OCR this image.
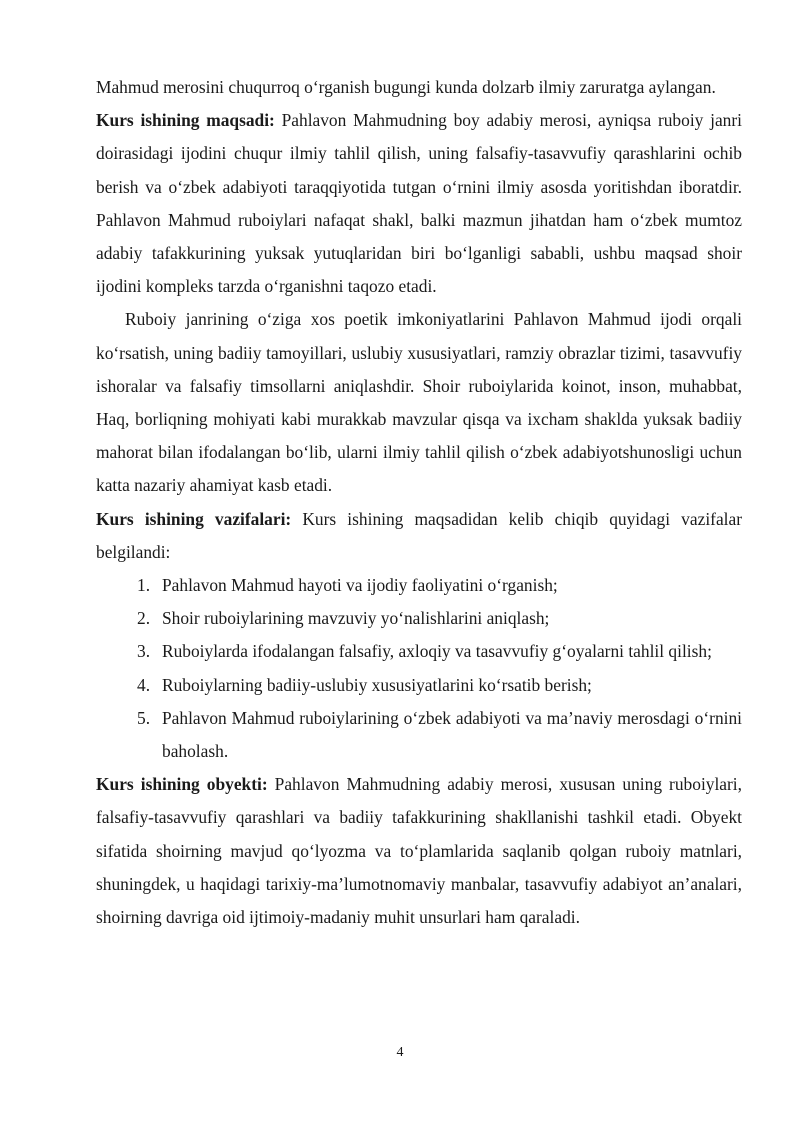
Mahmud merosini chuqurroq o‘rganish bugungi kunda dolzarb ilmiy zaruratga aylangan.

Kurs ishining maqsadi: Pahlavon Mahmudning boy adabiy merosi, ayniqsa ruboiy janri doirasidagi ijodini chuqur ilmiy tahlil qilish, uning falsafiy-tasavvufiy qarashlarini ochib berish va o‘zbek adabiyoti taraqqiyotida tutgan o‘rnini ilmiy asosda yoritishdan iboratdir. Pahlavon Mahmud ruboiylari nafaqat shakl, balki mazmun jihatdan ham o‘zbek mumtoz adabiy tafakkurining yuksak yutuqlaridan biri bo‘lganligi sababli, ushbu maqsad shoir ijodini kompleks tarzda o‘rganishni taqozo etadi.

Ruboiy janrining o‘ziga xos poetik imkoniyatlarini Pahlavon Mahmud ijodi orqali ko‘rsatish, uning badiiy tamoyillari, uslubiy xususiyatlari, ramziy obrazlar tizimi, tasavvufiy ishoralar va falsafiy timsollarni aniqlashdir. Shoir ruboiylarida koinot, inson, muhabbat, Haq, borliqning mohiyati kabi murakkab mavzular qisqa va ixcham shaklda yuksak badiiy mahorat bilan ifodalangan bo‘lib, ularni ilmiy tahlil qilish o‘zbek adabiyotshunosligi uchun katta nazariy ahamiyat kasb etadi.

Kurs ishining vazifalari: Kurs ishining maqsadidan kelib chiqib quyidagi vazifalar belgilandi:

1. Pahlavon Mahmud hayoti va ijodiy faoliyatini o‘rganish;
2. Shoir ruboiylarining mavzuviy yo‘nalishlarini aniqlash;
3. Ruboiylarda ifodalangan falsafiy, axloqiy va tasavvufiy g‘oyalarni tahlil qilish;
4. Ruboiylarning badiiy-uslubiy xususiyatlarini ko‘rsatib berish;
5. Pahlavon Mahmud ruboiylarining o‘zbek adabiyoti va ma’naviy merosdagi o‘rnini baholash.

Kurs ishining obyekti: Pahlavon Mahmudning adabiy merosi, xususan uning ruboiylari, falsafiy-tasavvufiy qarashlari va badiiy tafakkurining shakllanishi tashkil etadi. Obyekt sifatida shoirning mavjud qo‘lyozma va to‘plamlarida saqlanib qolgan ruboiy matnlari, shuningdek, u haqidagi tarixiy-ma’lumotnomaviy manbalar, tasavvufiy adabiyot an’analari, shoirning davriga oid ijtimoiy-madaniy muhit unsurlari ham qaraladi.

4
